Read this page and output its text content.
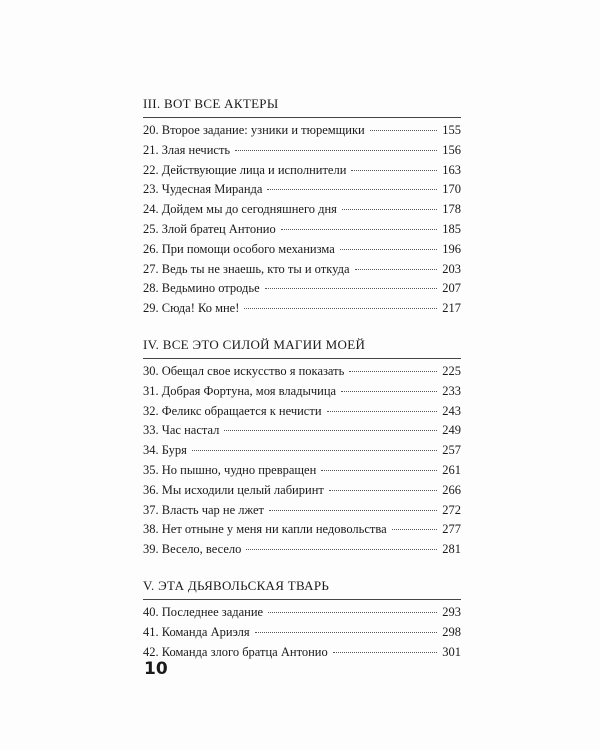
III. ВОТ ВСЕ АКТЕРЫ
20. Второе задание: узники и тюремщики	155
21. Злая нечисть	156
22. Действующие лица и исполнители	163
23. Чудесная Миранда	170
24. Дойдем мы до сегодняшнего дня	178
25. Злой братец Антонио	185
26. При помощи особого механизма	196
27. Ведь ты не знаешь, кто ты и откуда	203
28. Ведьмино отродье	207
29. Сюда! Ко мне!	217
IV. ВСЕ ЭТО СИЛОЙ МАГИИ МОЕЙ
30. Обещал свое искусство я показать	225
31. Добрая Фортуна, моя владычица	233
32. Феликс обращается к нечисти	243
33. Час настал	249
34. Буря	257
35. Но пышно, чудно превращен	261
36. Мы исходили целый лабиринт	266
37. Власть чар не лжет	272
38. Нет отныне у меня ни капли недовольства	277
39. Весело, весело	281
V. ЭТА ДЬЯВОЛЬСКАЯ ТВАРЬ
40. Последнее задание	293
41. Команда Ариэля	298
42. Команда злого братца Антонио	301
10
